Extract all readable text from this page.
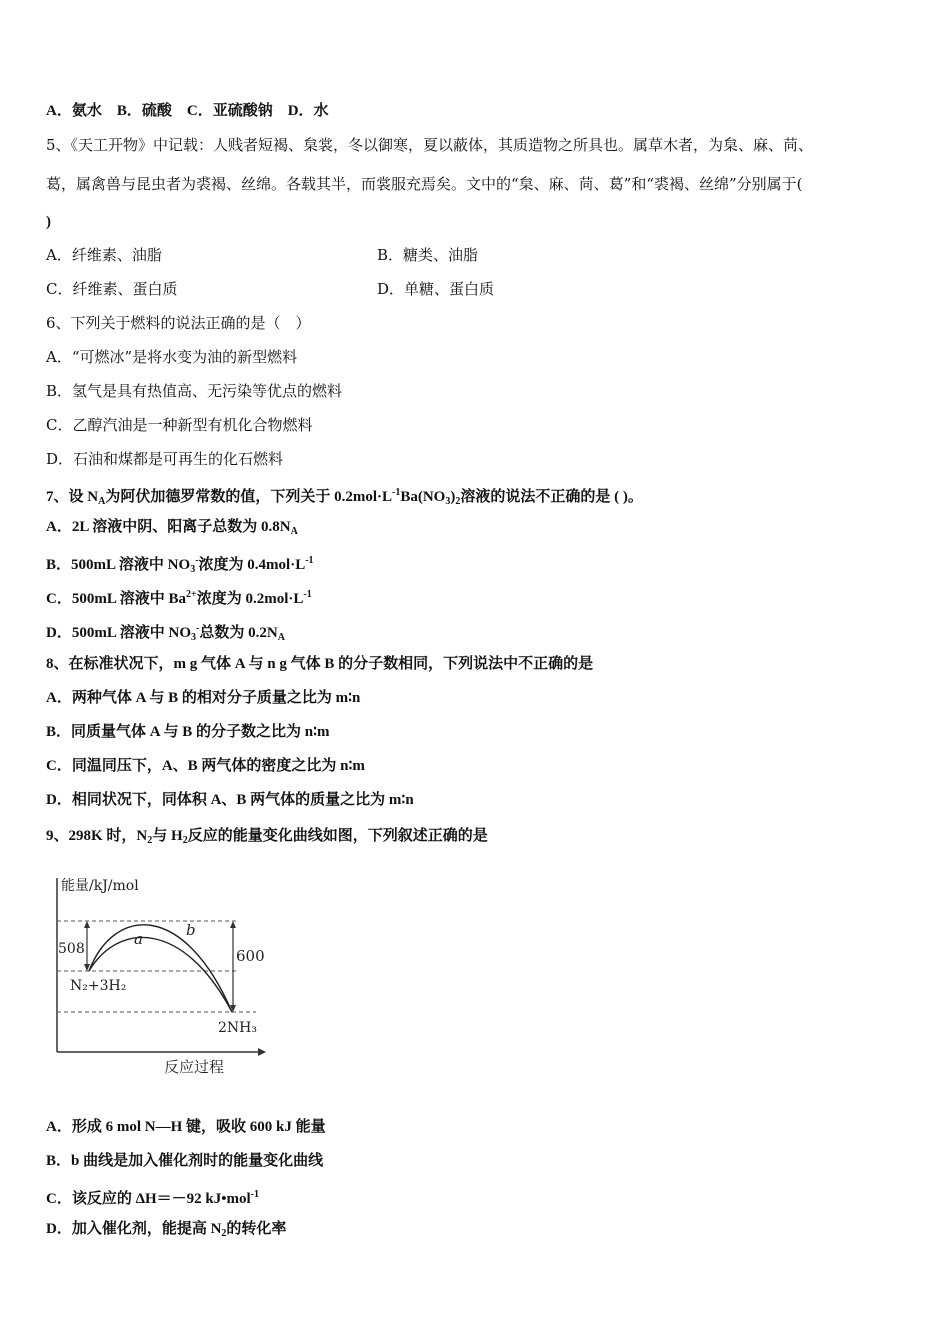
A．氨水 B．硫酸 C．亚硫酸钠 D．水
5、《天工开物》中记载：人贱者短褐、枲裳，冬以御寒，夏以蔽体，其质造物之所具也。属草木者，为枲、麻、苘、
葛，属禽兽与昆虫者为裘褐、丝绵。各载其半，而裳服充焉矣。文中的“枲、麻、苘、葛”和“裘褐、丝绵”分别属于(
)
A．纤维素、油脂	B．糖类、油脂
C．纤维素、蛋白质	D．单糖、蛋白质
6、下列关于燃料的说法正确的是（　）
A．“可燃冰”是将水变为油的新型燃料
B．氢气是具有热值高、无污染等优点的燃料
C．乙醇汽油是一种新型有机化合物燃料
D．石油和煤都是可再生的化石燃料
7、设 $N_A$为阿伏加德罗常数的值，下列关于 $0.2mol\cdot L^{-1}Ba(NO_3)_2$溶液的说法不正确的是 ( )。
A．2L 溶液中阴、阳离子总数为 $0.8N_A$
B．500mL 溶液中 $NO_3^-$浓度为 $0.4mol\cdot L^{-1}$
C．500mL 溶液中 $Ba^{2+}$浓度为 $0.2mol\cdot L^{-1}$
D．500mL 溶液中 $NO_3^-$总数为 $0.2N_A$
8、在标准状况下，m g 气体 A 与 n g 气体 B 的分子数相同，下列说法中不正确的是
A．两种气体 A 与 B 的相对分子质量之比为 m∶n
B．同质量气体 A 与 B 的分子数之比为 n∶m
C．同温同压下，A、B 两气体的密度之比为 n∶m
D．相同状况下，同体积 A、B 两气体的质量之比为 m∶n
9、298K 时，$N_2$与 $H_2$反应的能量变化曲线如图，下列叙述正确的是
能量/kJ/mol
反应过程
508	600
b
a
N₂+3H₂
2NH₃
A．形成 6 mol N—H 键，吸收 600 kJ 能量
B．b 曲线是加入催化剂时的能量变化曲线
C．该反应的 ΔH＝－92 kJ•mol$^{-1}$
D．加入催化剂，能提高 $N_2$的转化率
